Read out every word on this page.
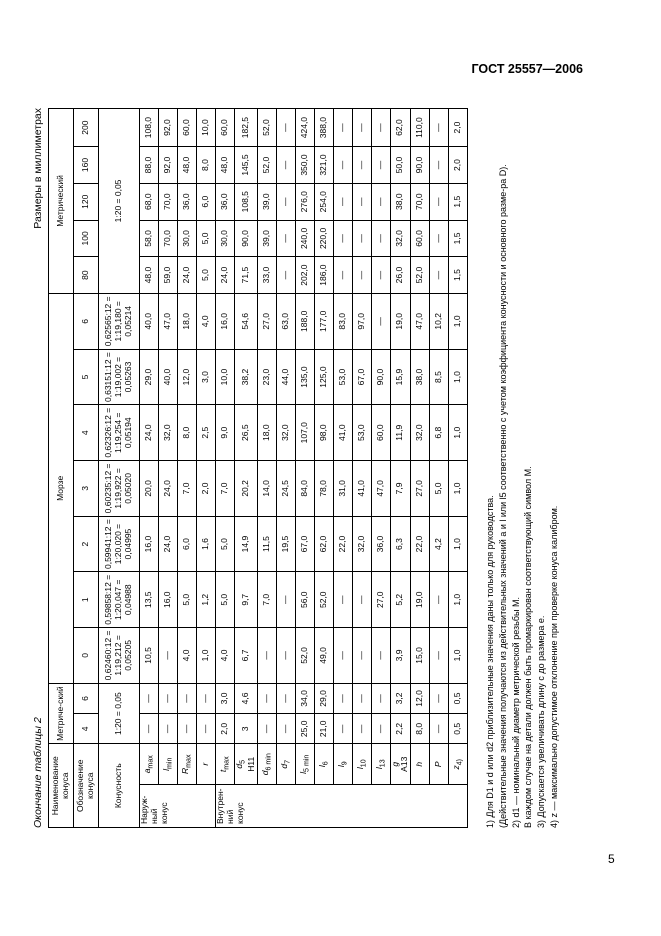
ГОСТ 25557—2006
Окончание таблицы 2
Размеры в миллиметрах
Наименование конуса		Метриче-ский		Морзе							Метрический				
Обозначение конуса															
		4	6	0	1	2	3	4	5	6	80	100	120	160	200
Конусность		1:20 = 0,05		0,62460:12 = 1:19,212 = 0,05205	0,59858:12 = 1:20,047 = 0,04988	0,59941:12 = 1:20,020 = 0,04995	0,60235:12 = 1:19,922 = 0,05020	0,62326:12 = 1:19,254 = 0,05194	0,63151:12 = 1:19,002 = 0,05263	0,62565:12 = 1:19,180 = 0,05214	1:20 = 0,05				
Наруж-ный конус	$a_{max}$	—	—	10,5	13,5	16,0	20,0	24,0	29,0	40,0	48,0	58,0	68,0	88,0	108,0
	$l_{min}$	—	—	—	16,0	24,0	24,0	32,0	40,0	47,0	59,0	70,0	70,0	92,0	92,0
	$R_{max}$	—	—	4,0	5,0	6,0	7,0	8,0	12,0	18,0	24,0	30,0	36,0	48,0	60,0
	r	—	—	1,0	1,2	1,6	2,0	2,5	3,0	4,0	5,0	5,0	6,0	8,0	10,0
Внутрен-ний конус	$t_{max}$	2,0	3,0	4,0	5,0	5,0	7,0	9,0	10,0	16,0	24,0	30,0	36,0	48,0	60,0
	$d_5$
H11	3	4,6	6,7	9,7	14,9	20,2	26,5	38,2	54,6	71,5	90,0	108,5	145,5	182,5
	$d_{6 min}$	—	—	—	7,0	11,5	14,0	18,0	23,0	27,0	33,0	39,0	39,0	52,0	52,0
	$d_7$	—	—	—	—	19,5	24,5	32,0	44,0	63,0	—	—	—	—	—
	$l_{5 min}$	25,0	34,0	52,0	56,0	67,0	84,0	107,0	135,0	188,0	202,0	240,0	276,0	350,0	424,0
	$l_6$	21,0	29,0	49,0	52,0	62,0	78,0	98,0	125,0	177,0	186,0	220,0	254,0	321,0	388,0
	$l_9$	—	—	—	—	22,0	31,0	41,0	53,0	83,0	—	—	—	—	—
	$l_{10}$	—	—	—	—	32,0	41,0	53,0	67,0	97,0	—	—	—	—	—
	$l_{13}$	—	—	—	27,0	36,0	47,0	60,0	90,0	—	—	—	—	—	—
	g
A13	2,2	3,2	3,9	5,2	6,3	7,9	11,9	15,9	19,0	26,0	32,0	38,0	50,0	62,0
	h	8,0	12,0	15,0	19,0	22,0	27,0	32,0	38,0	47,0	52,0	60,0	70,0	90,0	110,0
	P	—	—	—	—	4,2	5,0	6,8	8,5	10,2	—	—	—	—	—
	$z_{4)}$	0,5	0,5	1,0	1,0	1,0	1,0	1,0	1,0	1,0	1,5	1,5	1,5	2,0	2,0

1) Для D1 и d или d2 приблизительные значения даны только для руководства. (Действительные значения получаются из действительных значений a и l или l5 соответственно с учетом коэффициента конусности и основного разме-ра D). 2) d1 — номинальный диаметр метрической резьбы M. В каждом случае на детали должен быть промаркирован соответствующий символ M. 3) Допускается увеличивать длину c до размера e. 4) z — максимально допустимое отклонение при проверке конуса калибром.

5
